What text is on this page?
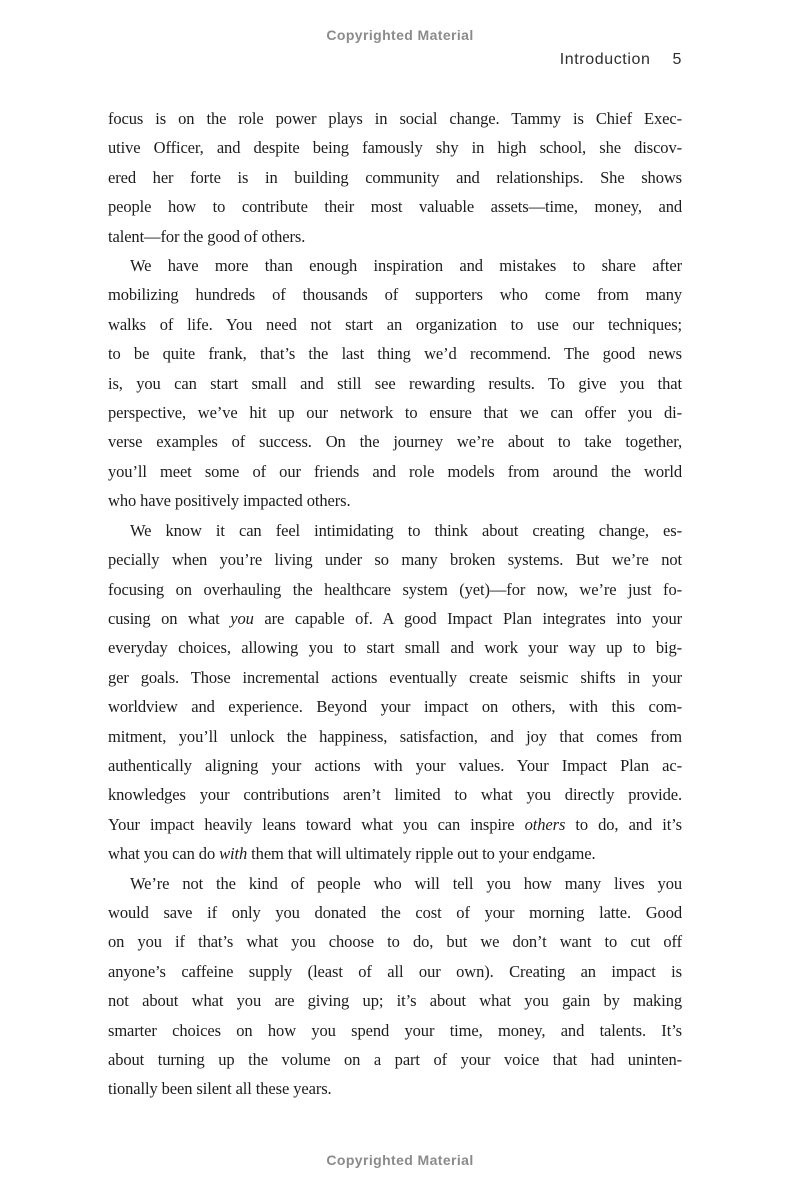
Copyrighted Material
Introduction 5
focus is on the role power plays in social change. Tammy is Chief Exec-
utive Officer, and despite being famously shy in high school, she discov-
ered her forte is in building community and relationships. She shows
people how to contribute their most valuable assets—time, money, and
talent—for the good of others.
We have more than enough inspiration and mistakes to share after
mobilizing hundreds of thousands of supporters who come from many
walks of life. You need not start an organization to use our techniques;
to be quite frank, that’s the last thing we’d recommend. The good news
is, you can start small and still see rewarding results. To give you that
perspective, we’ve hit up our network to ensure that we can offer you di-
verse examples of success. On the journey we’re about to take together,
you’ll meet some of our friends and role models from around the world
who have positively impacted others.
We know it can feel intimidating to think about creating change, es-
pecially when you’re living under so many broken systems. But we’re not
focusing on overhauling the healthcare system (yet)—for now, we’re just fo-
cusing on what you are capable of. A good Impact Plan integrates into your
everyday choices, allowing you to start small and work your way up to big-
ger goals. Those incremental actions eventually create seismic shifts in your
worldview and experience. Beyond your impact on others, with this com-
mitment, you’ll unlock the happiness, satisfaction, and joy that comes from
authentically aligning your actions with your values. Your Impact Plan ac-
knowledges your contributions aren’t limited to what you directly provide.
Your impact heavily leans toward what you can inspire others to do, and it’s
what you can do with them that will ultimately ripple out to your endgame.
We’re not the kind of people who will tell you how many lives you
would save if only you donated the cost of your morning latte. Good
on you if that’s what you choose to do, but we don’t want to cut off
anyone’s caffeine supply (least of all our own). Creating an impact is
not about what you are giving up; it’s about what you gain by making
smarter choices on how you spend your time, money, and talents. It’s
about turning up the volume on a part of your voice that had uninten-
tionally been silent all these years.
Copyrighted Material
